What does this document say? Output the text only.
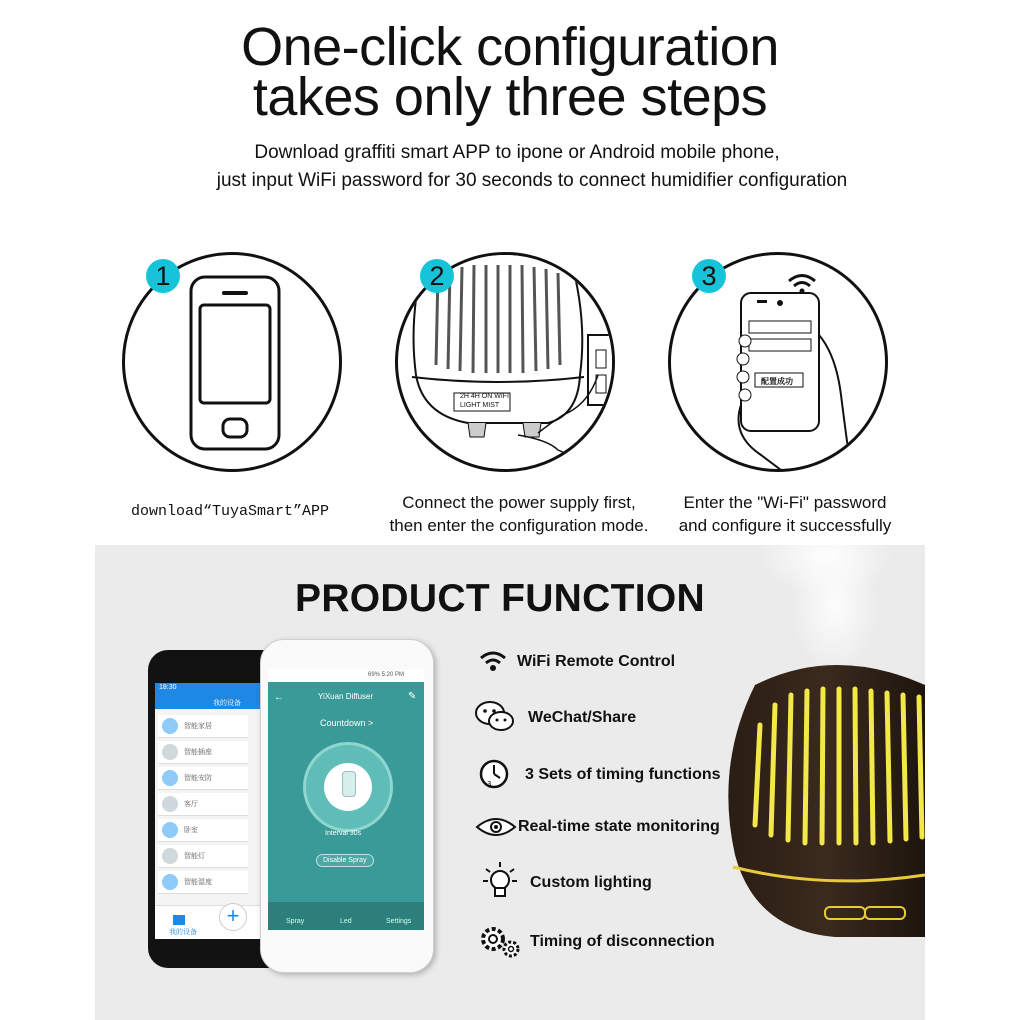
One-click configuration
takes only three steps
Download graffiti smart APP to ipone or Android mobile phone,
just input WiFi password for 30 seconds to connect humidifier configuration
1
download“TuyaSmart”APP
2H 4H ON WIFI
LIGHT MIST
2
Connect the power supply first,
then enter the configuration mode.
配置成功
3
Enter the "Wi-Fi" password
and configure it successfully
PRODUCT FUNCTION
18:30
我的设备
智能家居
智能插座
智能安防
客厅
卧室
智能灯
智能湿度
我的设备
+
69% 5:20 PM
←	YiXuan Diffuser	✎
Countdown >
Interval 30s
Disable Spray
Spray	Led	Settings
WiFi Remote Control
WeChat/Share
3
3 Sets of timing functions
Real-time state monitoring
Custom lighting
Timing of disconnection
